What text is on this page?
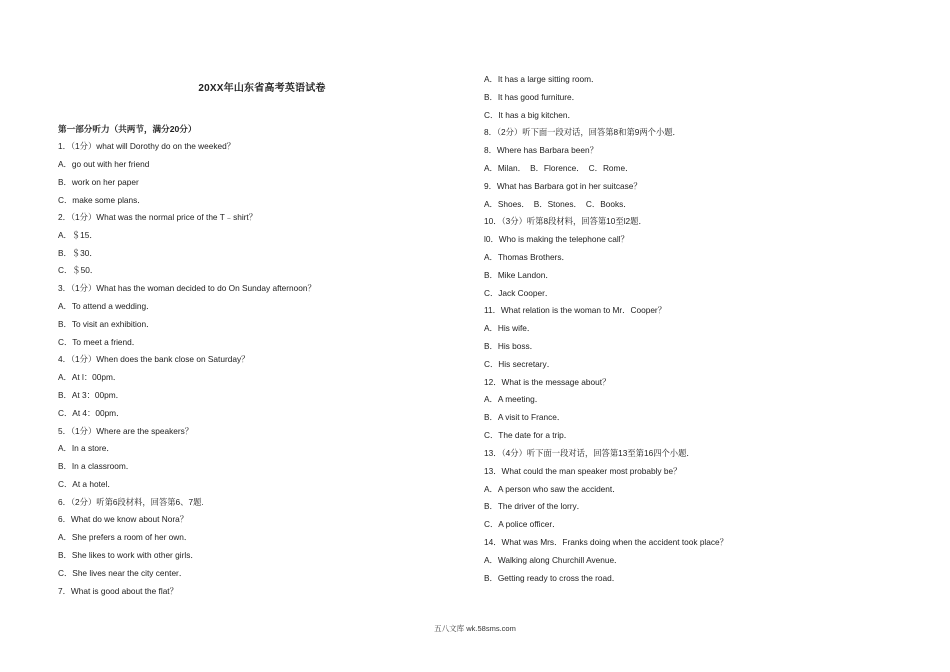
20XX年山东省高考英语试卷
第一部分听力（共两节，满分20分）
1．（1分）what will Dorothy do on the weeked？
A．go out with her friend
B．work on her paper
C．make some plans．
2．（1分）What was the normal price of the T﹣shirt？
A．＄15．
B．＄30．
C．＄50．
3．（1分）What has the woman decided to do On Sunday afternoon？
A．To attend a wedding．
B．To visit an exhibition．
C．To meet a friend．
4．（1分）When does the bank close on Saturday？
A．At l：00pm．
B．At 3：00pm．
C．At 4：00pm．
5．（1分）Where are the speakers？
A．In a store．
B．In a classroom．
C．At a hotel．
6．（2分）听第6段材料，回答第6、7题.
6．What do we know about Nora？
A．She prefers a room of her own．
B．She likes to work with other girls．
C．She lives near the city center．
7．What is good about the flat？
A．It has a large sitting room．
B．It has good furniture．
C．It has a big kitchen．
8．（2分）听下面一段对话，回答第8和第9两个小题．
8．Where has Barbara been？
A．Milan．　B．Florence．　C．Rome．
9．What has Barbara got in her suitcase？
A．Shoes．　B．Stones．　C．Books．
10．（3分）听第8段材料，回答第10至l2题．
l0．Who is making the telephone call？
A．Thomas Brothers．
B．Mike Landon．
C．Jack Cooper．
11．What relation is the woman to Mr．Cooper？
A．His wife．
B．His boss．
C．His secretary．
12．What is the message about？
A．A meeting．
B．A visit to France．
C．The date for a trip．
13．（4分）听下面一段对话，回答第13至第16四个小题．
13．What could the man speaker most probably be？
A．A person who saw the accident．
B．The driver of the lorry．
C．A police officer．
14．What was Mrs．Franks doing when the accident took place？
A．Walking along Churchill Avenue．
B．Getting ready to cross the road．
五八文库 wk.58sms.com
